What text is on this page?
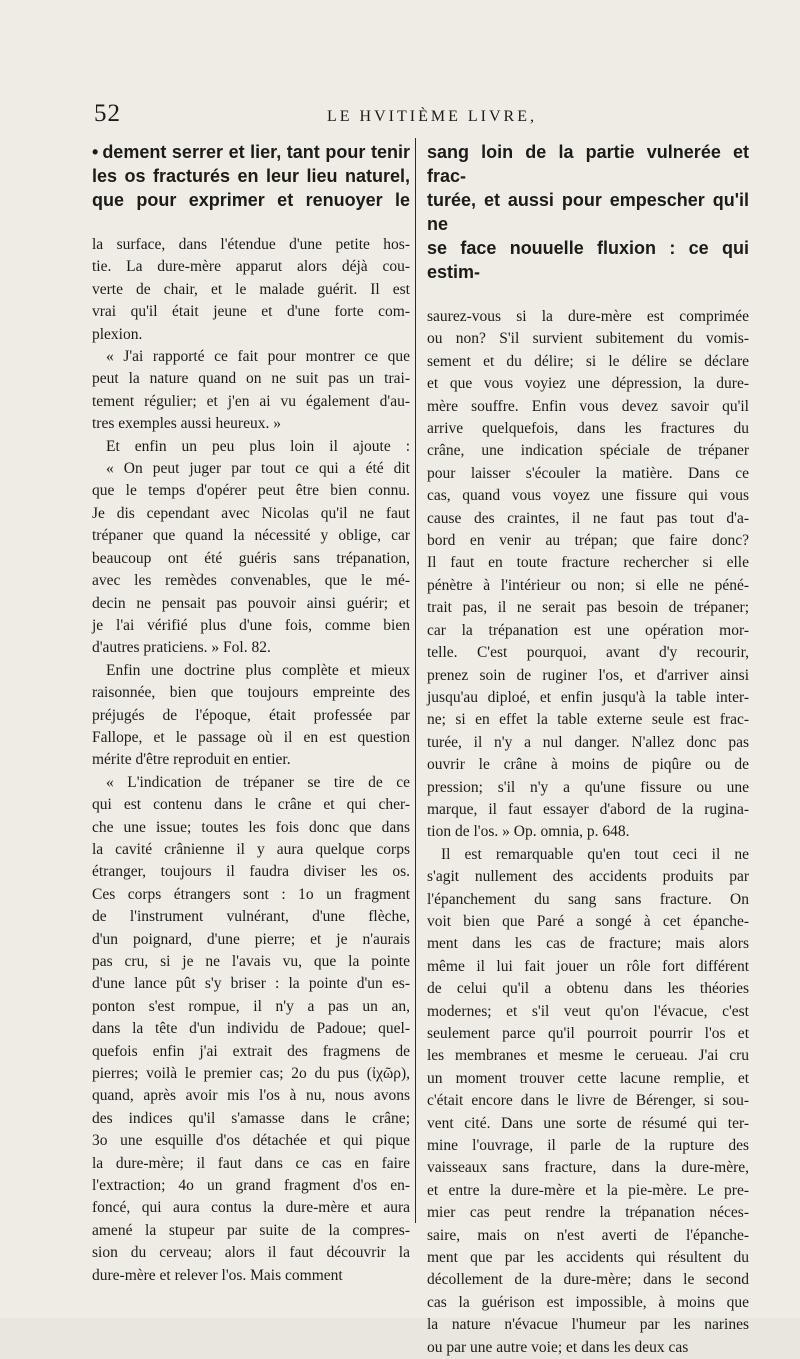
52	LE HVITIÈME LIVRE,
• dement serrer et lier, tant pour tenir
les os fracturés en leur lieu naturel,
que pour exprimer et renuoyer le
la surface, dans l'étendue d'une petite hos-
tie. La dure-mère apparut alors déjà cou-
verte de chair, et le malade guérit. Il est
vrai qu'il était jeune et d'une forte com-
plexion.
« J'ai rapporté ce fait pour montrer ce que
peut la nature quand on ne suit pas un trai-
tement régulier; et j'en ai vu également d'au-
tres exemples aussi heureux. »
Et enfin un peu plus loin il ajoute :
« On peut juger par tout ce qui a été dit
que le temps d'opérer peut être bien connu.
Je dis cependant avec Nicolas qu'il ne faut
trépaner que quand la nécessité y oblige, car
beaucoup ont été guéris sans trépanation,
avec les remèdes convenables, que le mé-
decin ne pensait pas pouvoir ainsi guérir; et
je l'ai vérifié plus d'une fois, comme bien
d'autres praticiens. » Fol. 82.
Enfin une doctrine plus complète et mieux
raisonnée, bien que toujours empreinte des
préjugés de l'époque, était professée par
Fallope, et le passage où il en est question
mérite d'être reproduit en entier.
« L'indication de trépaner se tire de ce
qui est contenu dans le crâne et qui cher-
che une issue; toutes les fois donc que dans
la cavité crânienne il y aura quelque corps
étranger, toujours il faudra diviser les os.
Ces corps étrangers sont : 1o un fragment
de l'instrument vulnérant, d'une flèche,
d'un poignard, d'une pierre; et je n'aurais
pas cru, si je ne l'avais vu, que la pointe
d'une lance pût s'y briser : la pointe d'un es-
ponton s'est rompue, il n'y a pas un an,
dans la tête d'un individu de Padoue; quel-
quefois enfin j'ai extrait des fragmens de
pierres; voilà le premier cas; 2o du pus (ἰχῶρ),
quand, après avoir mis l'os à nu, nous avons
des indices qu'il s'amasse dans le crâne;
3o une esquille d'os détachée et qui pique
la dure-mère; il faut dans ce cas en faire
l'extraction; 4o un grand fragment d'os en-
foncé, qui aura contus la dure-mère et aura
amené la stupeur par suite de la compres-
sion du cerveau; alors il faut découvrir la
dure-mère et relever l'os. Mais comment
sang loin de la partie vulnerée et frac-
turée, et aussi pour empescher qu'il ne
se face nouuelle fluxion : ce qui estim-
saurez-vous si la dure-mère est comprimée
ou non? S'il survient subitement du vomis-
sement et du délire; si le délire se déclare
et que vous voyiez une dépression, la dure-
mère souffre. Enfin vous devez savoir qu'il
arrive quelquefois, dans les fractures du
crâne, une indication spéciale de trépaner
pour laisser s'écouler la matière. Dans ce
cas, quand vous voyez une fissure qui vous
cause des craintes, il ne faut pas tout d'a-
bord en venir au trépan; que faire donc?
Il faut en toute fracture rechercher si elle
pénètre à l'intérieur ou non; si elle ne péné-
trait pas, il ne serait pas besoin de trépaner;
car la trépanation est une opération mor-
telle. C'est pourquoi, avant d'y recourir,
prenez soin de ruginer l'os, et d'arriver ainsi
jusqu'au diploé, et enfin jusqu'à la table inter-
ne; si en effet la table externe seule est frac-
turée, il n'y a nul danger. N'allez donc pas
ouvrir le crâne à moins de piqûre ou de
pression; s'il n'y a qu'une fissure ou une
marque, il faut essayer d'abord de la rugina-
tion de l'os. » Op. omnia, p. 648.
Il est remarquable qu'en tout ceci il ne
s'agit nullement des accidents produits par
l'épanchement du sang sans fracture. On
voit bien que Paré a songé à cet épanche-
ment dans les cas de fracture; mais alors
même il lui fait jouer un rôle fort différent
de celui qu'il a obtenu dans les théories
modernes; et s'il veut qu'on l'évacue, c'est
seulement parce qu'il pourroit pourrir l'os et
les membranes et mesme le cerueau. J'ai cru
un moment trouver cette lacune remplie, et
c'était encore dans le livre de Bérenger, si sou-
vent cité. Dans une sorte de résumé qui ter-
mine l'ouvrage, il parle de la rupture des
vaisseaux sans fracture, dans la dure-mère,
et entre la dure-mère et la pie-mère. Le pre-
mier cas peut rendre la trépanation néces-
saire, mais on n'est averti de l'épanche-
ment que par les accidents qui résultent du
décollement de la dure-mère; dans le second
cas la guérison est impossible, à moins que
la nature n'évacue l'humeur par les narines
ou par une autre voie; et dans les deux cas
